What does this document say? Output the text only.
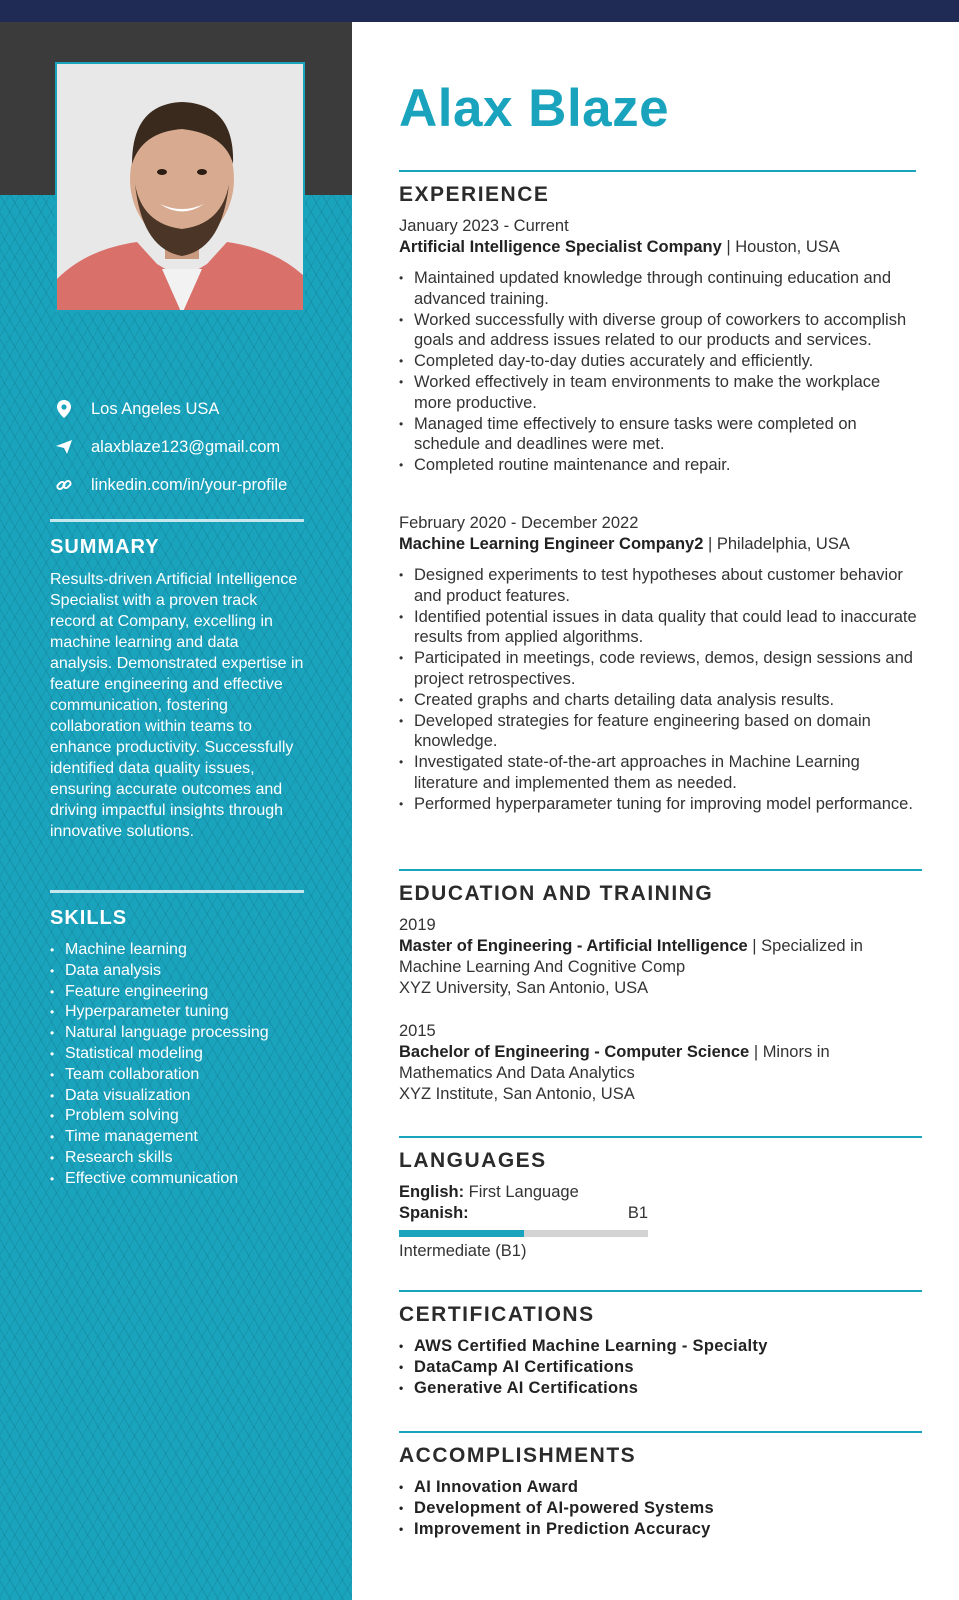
Alax Blaze
Los Angeles USA
alaxblaze123@gmail.com
linkedin.com/in/your-profile
SUMMARY
Results-driven Artificial Intelligence Specialist with a proven track record at Company, excelling in machine learning and data analysis. Demonstrated expertise in feature engineering and effective communication, fostering collaboration within teams to enhance productivity. Successfully identified data quality issues, ensuring accurate outcomes and driving impactful insights through innovative solutions.
SKILLS
• Machine learning
• Data analysis
• Feature engineering
• Hyperparameter tuning
• Natural language processing
• Statistical modeling
• Team collaboration
• Data visualization
• Problem solving
• Time management
• Research skills
• Effective communication
EXPERIENCE
January 2023 - Current
Artificial Intelligence Specialist Company | Houston, USA
• Maintained updated knowledge through continuing education and advanced training.
• Worked successfully with diverse group of coworkers to accomplish goals and address issues related to our products and services.
• Completed day-to-day duties accurately and efficiently.
• Worked effectively in team environments to make the workplace more productive.
• Managed time effectively to ensure tasks were completed on schedule and deadlines were met.
• Completed routine maintenance and repair.
February 2020 - December 2022
Machine Learning Engineer Company2 | Philadelphia, USA
• Designed experiments to test hypotheses about customer behavior and product features.
• Identified potential issues in data quality that could lead to inaccurate results from applied algorithms.
• Participated in meetings, code reviews, demos, design sessions and project retrospectives.
• Created graphs and charts detailing data analysis results.
• Developed strategies for feature engineering based on domain knowledge.
• Investigated state-of-the-art approaches in Machine Learning literature and implemented them as needed.
• Performed hyperparameter tuning for improving model performance.
EDUCATION AND TRAINING
2019
Master of Engineering - Artificial Intelligence | Specialized in Machine Learning And Cognitive Comp
XYZ University, San Antonio, USA
2015
Bachelor of Engineering - Computer Science | Minors in Mathematics And Data Analytics
XYZ Institute, San Antonio, USA
LANGUAGES
English: First Language
Spanish:	B1
Intermediate (B1)
CERTIFICATIONS
• AWS Certified Machine Learning - Specialty
• DataCamp AI Certifications
• Generative AI Certifications
ACCOMPLISHMENTS
• AI Innovation Award
• Development of AI-powered Systems
• Improvement in Prediction Accuracy
